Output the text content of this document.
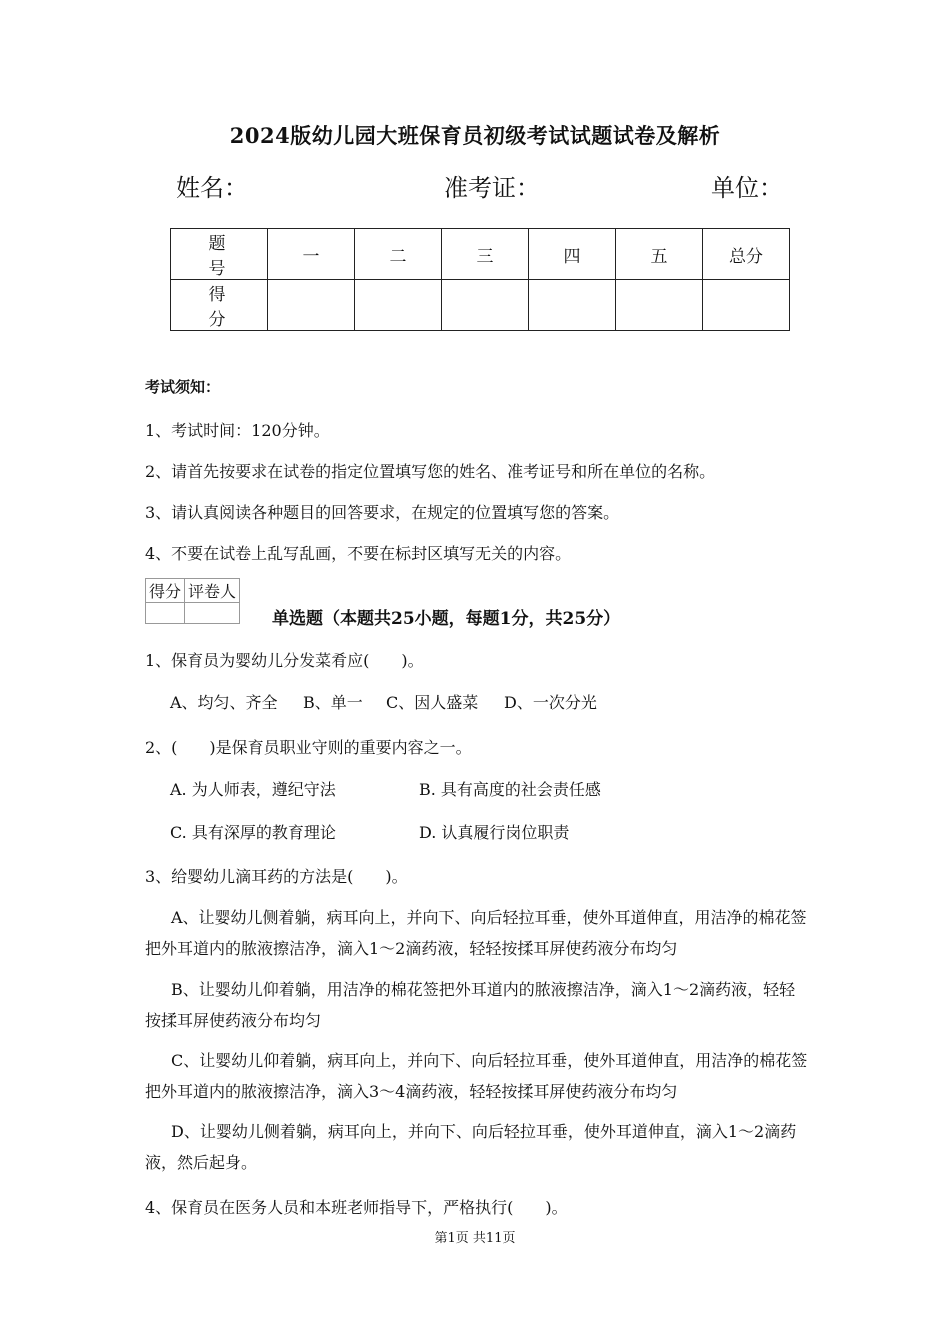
2024版幼儿园大班保育员初级考试试题试卷及解析
姓名：	准考证：	单位：
题　号	一	二	三	四	五	总分
得　分						
考试须知：
1、考试时间：120分钟。
2、请首先按要求在试卷的指定位置填写您的姓名、准考证号和所在单位的名称。
3、请认真阅读各种题目的回答要求，在规定的位置填写您的答案。
4、不要在试卷上乱写乱画，不要在标封区填写无关的内容。
得分	评卷人

单选题（本题共25小题，每题1分，共25分）
1、保育员为婴幼儿分发菜肴应(　　)。
A、均匀、齐全 B、单一 C、因人盛菜 D、一次分光
2、(　　)是保育员职业守则的重要内容之一。
A. 为人师表，遵纪守法	B. 具有高度的社会责任感
C. 具有深厚的教育理论	D. 认真履行岗位职责
3、给婴幼儿滴耳药的方法是(　　)。
A、让婴幼儿侧着躺，病耳向上，并向下、向后轻拉耳垂，使外耳道伸直，用洁净的棉花签把外耳道内的脓液擦洁净，滴入1～2滴药液，轻轻按揉耳屏使药液分布均匀
B、让婴幼儿仰着躺，用洁净的棉花签把外耳道内的脓液擦洁净，滴入1～2滴药液，轻轻按揉耳屏使药液分布均匀
C、让婴幼儿仰着躺，病耳向上，并向下、向后轻拉耳垂，使外耳道伸直，用洁净的棉花签把外耳道内的脓液擦洁净，滴入3～4滴药液，轻轻按揉耳屏使药液分布均匀
D、让婴幼儿侧着躺，病耳向上，并向下、向后轻拉耳垂，使外耳道伸直，滴入1～2滴药液，然后起身。
4、保育员在医务人员和本班老师指导下，严格执行(　　)。
第1页 共11页
